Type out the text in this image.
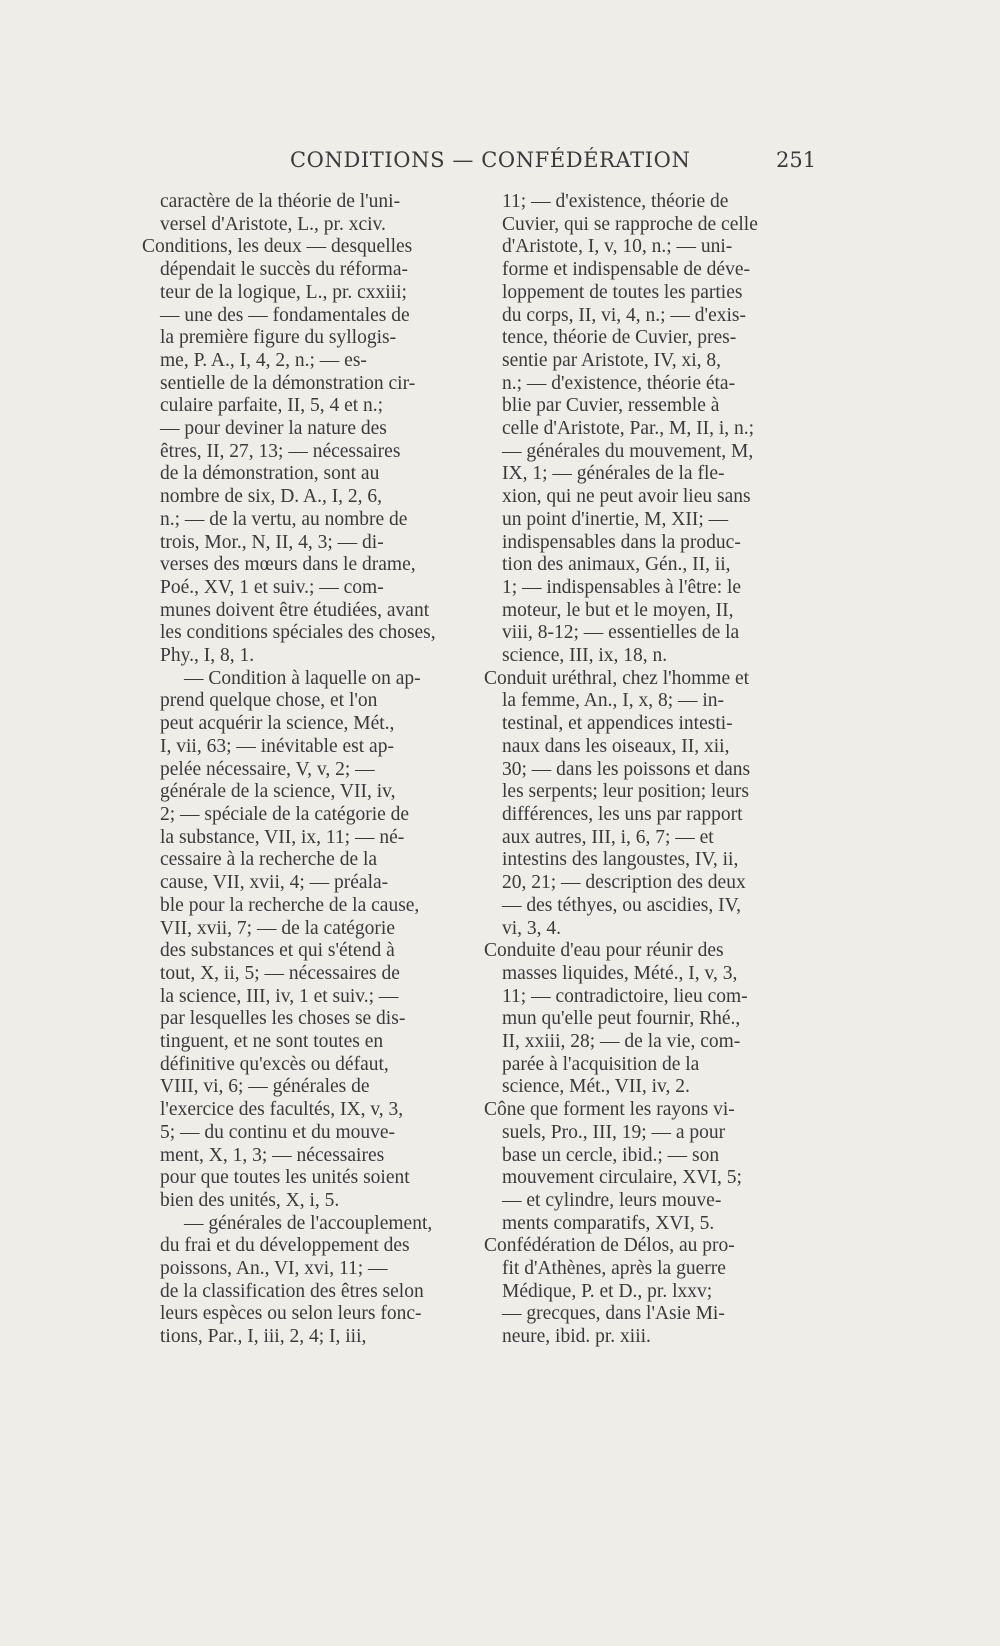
CONDITIONS — CONFÉDÉRATION	251
caractère de la théorie de l'uni-
versel d'Aristote, L., pr. xciv.
Conditions, les deux — desquelles
dépendait le succès du réforma-
teur de la logique, L., pr. cxxiii;
— une des — fondamentales de
la première figure du syllogis-
me, P. A., I, 4, 2, n.; — es-
sentielle de la démonstration cir-
culaire parfaite, II, 5, 4 et n.;
— pour deviner la nature des
êtres, II, 27, 13; — nécessaires
de la démonstration, sont au
nombre de six, D. A., I, 2, 6,
n.; — de la vertu, au nombre de
trois, Mor., N, II, 4, 3; — di-
verses des mœurs dans le drame,
Poé., XV, 1 et suiv.; — com-
munes doivent être étudiées, avant
les conditions spéciales des choses,
Phy., I, 8, 1.
— Condition à laquelle on ap-
prend quelque chose, et l'on
peut acquérir la science, Mét.,
I, vii, 63; — inévitable est ap-
pelée nécessaire, V, v, 2; —
générale de la science, VII, iv,
2; — spéciale de la catégorie de
la substance, VII, ix, 11; — né-
cessaire à la recherche de la
cause, VII, xvii, 4; — préala-
ble pour la recherche de la cause,
VII, xvii, 7; — de la catégorie
des substances et qui s'étend à
tout, X, ii, 5; — nécessaires de
la science, III, iv, 1 et suiv.; —
par lesquelles les choses se dis-
tinguent, et ne sont toutes en
définitive qu'excès ou défaut,
VIII, vi, 6; — générales de
l'exercice des facultés, IX, v, 3,
5; — du continu et du mouve-
ment, X, 1, 3; — nécessaires
pour que toutes les unités soient
bien des unités, X, i, 5.
— générales de l'accouplement,
du frai et du développement des
poissons, An., VI, xvi, 11; —
de la classification des êtres selon
leurs espèces ou selon leurs fonc-
tions, Par., I, iii, 2, 4; I, iii,
11; — d'existence, théorie de
Cuvier, qui se rapproche de celle
d'Aristote, I, v, 10, n.; — uni-
forme et indispensable de déve-
loppement de toutes les parties
du corps, II, vi, 4, n.; — d'exis-
tence, théorie de Cuvier, pres-
sentie par Aristote, IV, xi, 8,
n.; — d'existence, théorie éta-
blie par Cuvier, ressemble à
celle d'Aristote, Par., M, II, i, n.;
— générales du mouvement, M,
IX, 1; — générales de la fle-
xion, qui ne peut avoir lieu sans
un point d'inertie, M, XII; —
indispensables dans la produc-
tion des animaux, Gén., II, ii,
1; — indispensables à l'être: le
moteur, le but et le moyen, II,
viii, 8-12; — essentielles de la
science, III, ix, 18, n.
Conduit uréthral, chez l'homme et
la femme, An., I, x, 8; — in-
testinal, et appendices intesti-
naux dans les oiseaux, II, xii,
30; — dans les poissons et dans
les serpents; leur position; leurs
différences, les uns par rapport
aux autres, III, i, 6, 7; — et
intestins des langoustes, IV, ii,
20, 21; — description des deux
— des téthyes, ou ascidies, IV,
vi, 3, 4.
Conduite d'eau pour réunir des
masses liquides, Mété., I, v, 3,
11; — contradictoire, lieu com-
mun qu'elle peut fournir, Rhé.,
II, xxiii, 28; — de la vie, com-
parée à l'acquisition de la
science, Mét., VII, iv, 2.
Cône que forment les rayons vi-
suels, Pro., III, 19; — a pour
base un cercle, ibid.; — son
mouvement circulaire, XVI, 5;
— et cylindre, leurs mouve-
ments comparatifs, XVI, 5.
Confédération de Délos, au pro-
fit d'Athènes, après la guerre
Médique, P. et D., pr. lxxv;
— grecques, dans l'Asie Mi-
neure, ibid. pr. xiii.
